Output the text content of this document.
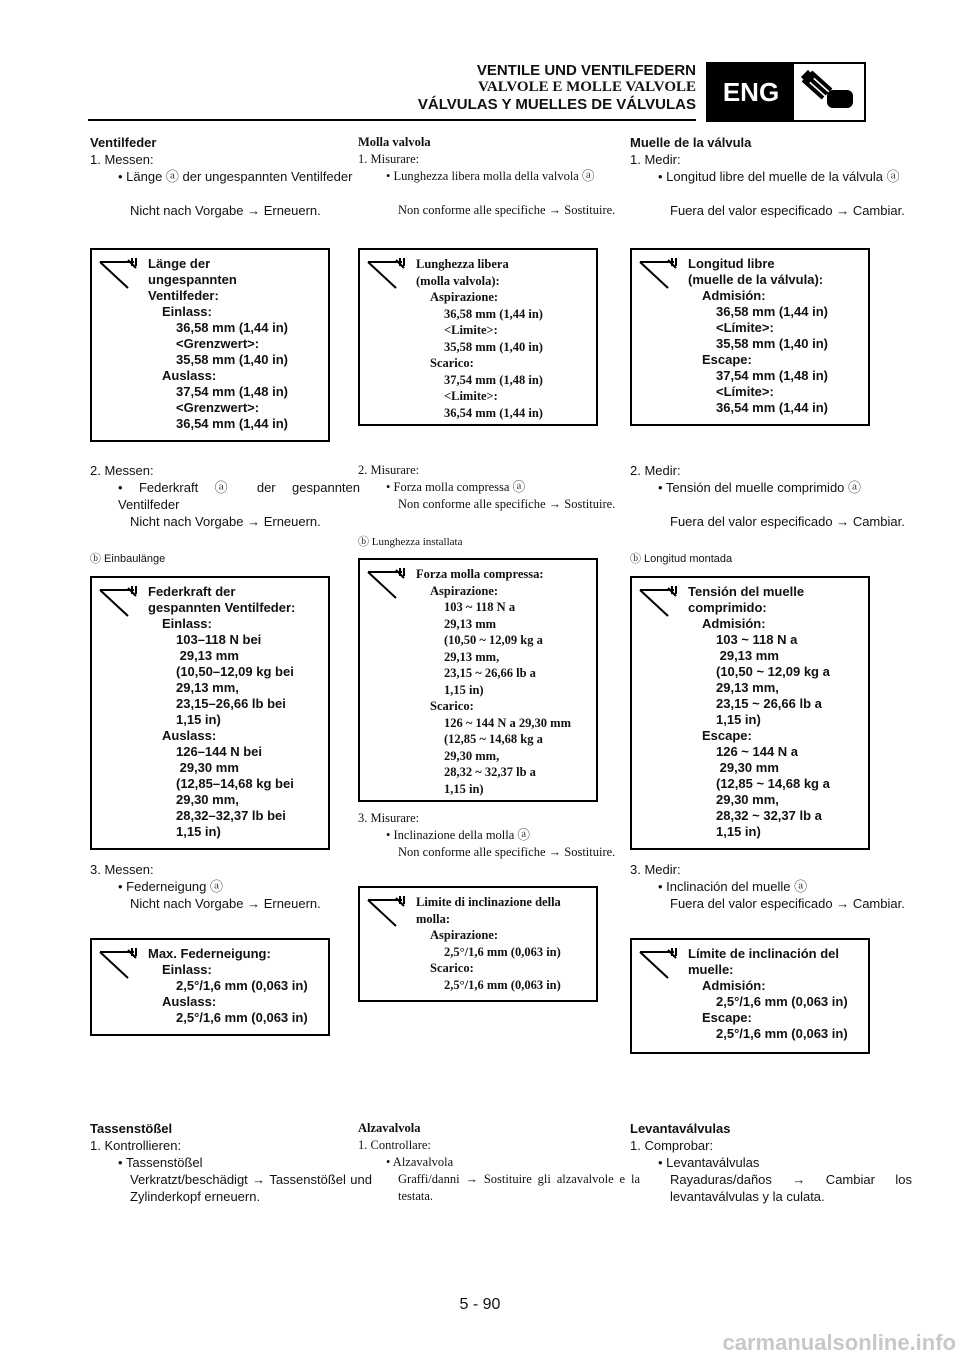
VENTILE UND VENTILFEDERN
VALVOLE E MOLLE VALVOLE
VÁLVULAS Y MUELLES DE VÁLVULAS	ENG
Ventilfeder
1. Messen:
• Länge ⓐ der ungespannten Ventilfeder
Nicht nach Vorgabe → Erneuern.
Länge der
ungespannten
Ventilfeder:
Einlass:
36,58 mm (1,44 in)
<Grenzwert>:
35,58 mm (1,40 in)
Auslass:
37,54 mm (1,48 in)
<Grenzwert>:
36,54 mm (1,44 in)
2. Messen:
• Federkraft ⓐ der gespannten Ventilfeder
Nicht nach Vorgabe → Erneuern.
ⓑ Einbaulänge
Federkraft der
gespannten Ventilfeder:
Einlass:
103–118 N bei
29,13 mm
(10,50–12,09 kg bei
29,13 mm,
23,15–26,66 lb bei
1,15 in)
Auslass:
126–144 N bei
29,30 mm
(12,85–14,68 kg bei
29,30 mm,
28,32–32,37 lb bei
1,15 in)
3. Messen:
• Federneigung ⓐ
Nicht nach Vorgabe → Erneuern.
Max. Federneigung:
Einlass:
2,5°/1,6 mm (0,063 in)
Auslass:
2,5°/1,6 mm (0,063 in)
Tassenstößel
1. Kontrollieren:
• Tassenstößel
Verkratzt/beschädigt → Tassenstößel und Zylinderkopf erneuern.
Molla valvola
1. Misurare:
• Lunghezza libera molla della valvola ⓐ
Non conforme alle specifiche → Sostituire.
Lunghezza libera
(molla valvola):
Aspirazione:
36,58 mm (1,44 in)
<Limite>:
35,58 mm (1,40 in)
Scarico:
37,54 mm (1,48 in)
<Limite>:
36,54 mm (1,44 in)
2. Misurare:
• Forza molla compressa ⓐ
Non conforme alle specifiche → Sostituire.
ⓑ Lunghezza installata
Forza molla compressa:
Aspirazione:
103 ~ 118 N a
29,13 mm
(10,50 ~ 12,09 kg a
29,13 mm,
23,15 ~ 26,66 lb a
1,15 in)
Scarico:
126 ~ 144 N a 29,30 mm
(12,85 ~ 14,68 kg a
29,30 mm,
28,32 ~ 32,37 lb a
1,15 in)
3. Misurare:
• Inclinazione della molla ⓐ
Non conforme alle specifiche → Sostituire.
Limite di inclinazione della
molla:
Aspirazione:
2,5°/1,6 mm (0,063 in)
Scarico:
2,5°/1,6 mm (0,063 in)
Alzavalvola
1. Controllare:
• Alzavalvola
Graffi/danni → Sostituire gli alzavalvole e la testata.
Muelle de la válvula
1. Medir:
• Longitud libre del muelle de la válvula ⓐ
Fuera del valor especificado → Cambiar.
Longitud libre
(muelle de la válvula):
Admisión:
36,58 mm (1,44 in)
<Límite>:
35,58 mm (1,40 in)
Escape:
37,54 mm (1,48 in)
<Límite>:
36,54 mm (1,44 in)
2. Medir:
• Tensión del muelle comprimido ⓐ
Fuera del valor especificado → Cambiar.
ⓑ Longitud montada
Tensión del muelle
comprimido:
Admisión:
103 ~ 118 N a
29,13 mm
(10,50 ~ 12,09 kg a
29,13 mm,
23,15 ~ 26,66 lb a
1,15 in)
Escape:
126 ~ 144 N a
29,30 mm
(12,85 ~ 14,68 kg a
29,30 mm,
28,32 ~ 32,37 lb a
1,15 in)
3. Medir:
• Inclinación del muelle ⓐ
Fuera del valor especificado → Cambiar.
Límite de inclinación del
muelle:
Admisión:
2,5°/1,6 mm (0,063 in)
Escape:
2,5°/1,6 mm (0,063 in)
Levantaválvulas
1. Comprobar:
• Levantaválvulas
Rayaduras/daños → Cambiar los levantaválvulas y la culata.
5 - 90
carmanualsonline.info
